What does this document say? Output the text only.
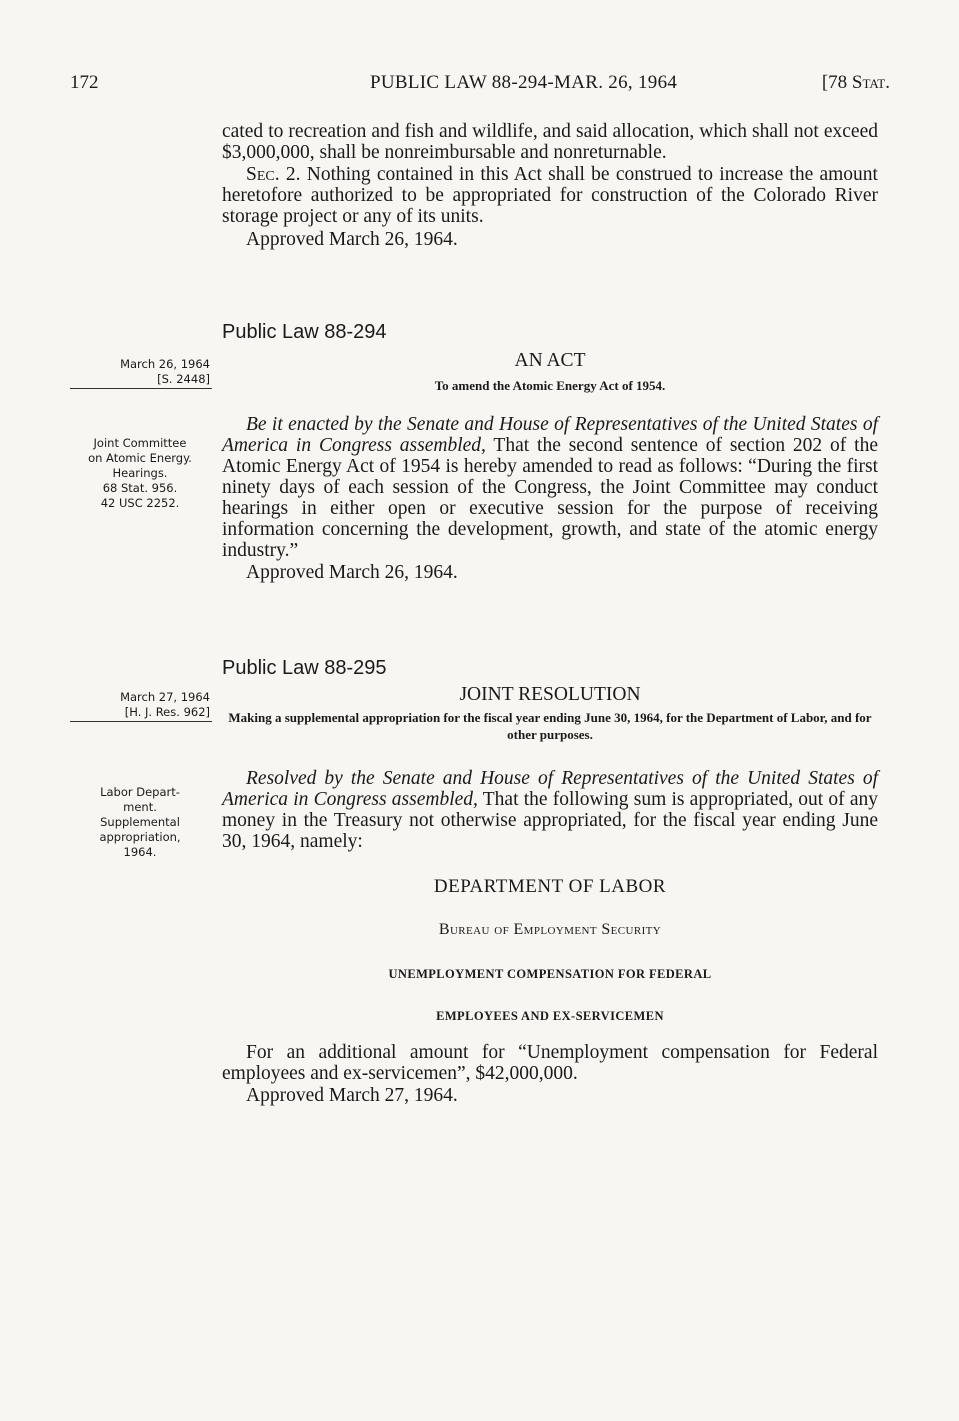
172	PUBLIC LAW 88-294-MAR. 26, 1964	[78 Stat.

cated to recreation and fish and wildlife, and said allocation, which shall not exceed $3,000,000, shall be nonreimbursable and nonreturnable.

Sec. 2. Nothing contained in this Act shall be construed to increase the amount heretofore authorized to be appropriated for construction of the Colorado River storage project or any of its units.

Approved March 26, 1964.

Public Law 88-294
March 26, 1964
[S. 2448]
AN ACT
To amend the Atomic Energy Act of 1954.
Joint Committee
on Atomic Energy.
Hearings.
68 Stat. 956.
42 USC 2252.

Be it enacted by the Senate and House of Representatives of the United States of America in Congress assembled, That the second sentence of section 202 of the Atomic Energy Act of 1954 is hereby amended to read as follows: “During the first ninety days of each session of the Congress, the Joint Committee may conduct hearings in either open or executive session for the purpose of receiving information concerning the development, growth, and state of the atomic energy industry.”

Approved March 26, 1964.

Public Law 88-295
March 27, 1964
[H. J. Res. 962]
JOINT RESOLUTION
Making a supplemental appropriation for the fiscal year ending June 30, 1964, for the Department of Labor, and for other purposes.
Labor Depart-
ment.
Supplemental
appropriation,
1964.

Resolved by the Senate and House of Representatives of the United States of America in Congress assembled, That the following sum is appropriated, out of any money in the Treasury not otherwise appropriated, for the fiscal year ending June 30, 1964, namely:

DEPARTMENT OF LABOR
Bureau of Employment Security
UNEMPLOYMENT COMPENSATION FOR FEDERAL
EMPLOYEES AND EX-SERVICEMEN

For an additional amount for “Unemployment compensation for Federal employees and ex-servicemen”, $42,000,000.

Approved March 27, 1964.
